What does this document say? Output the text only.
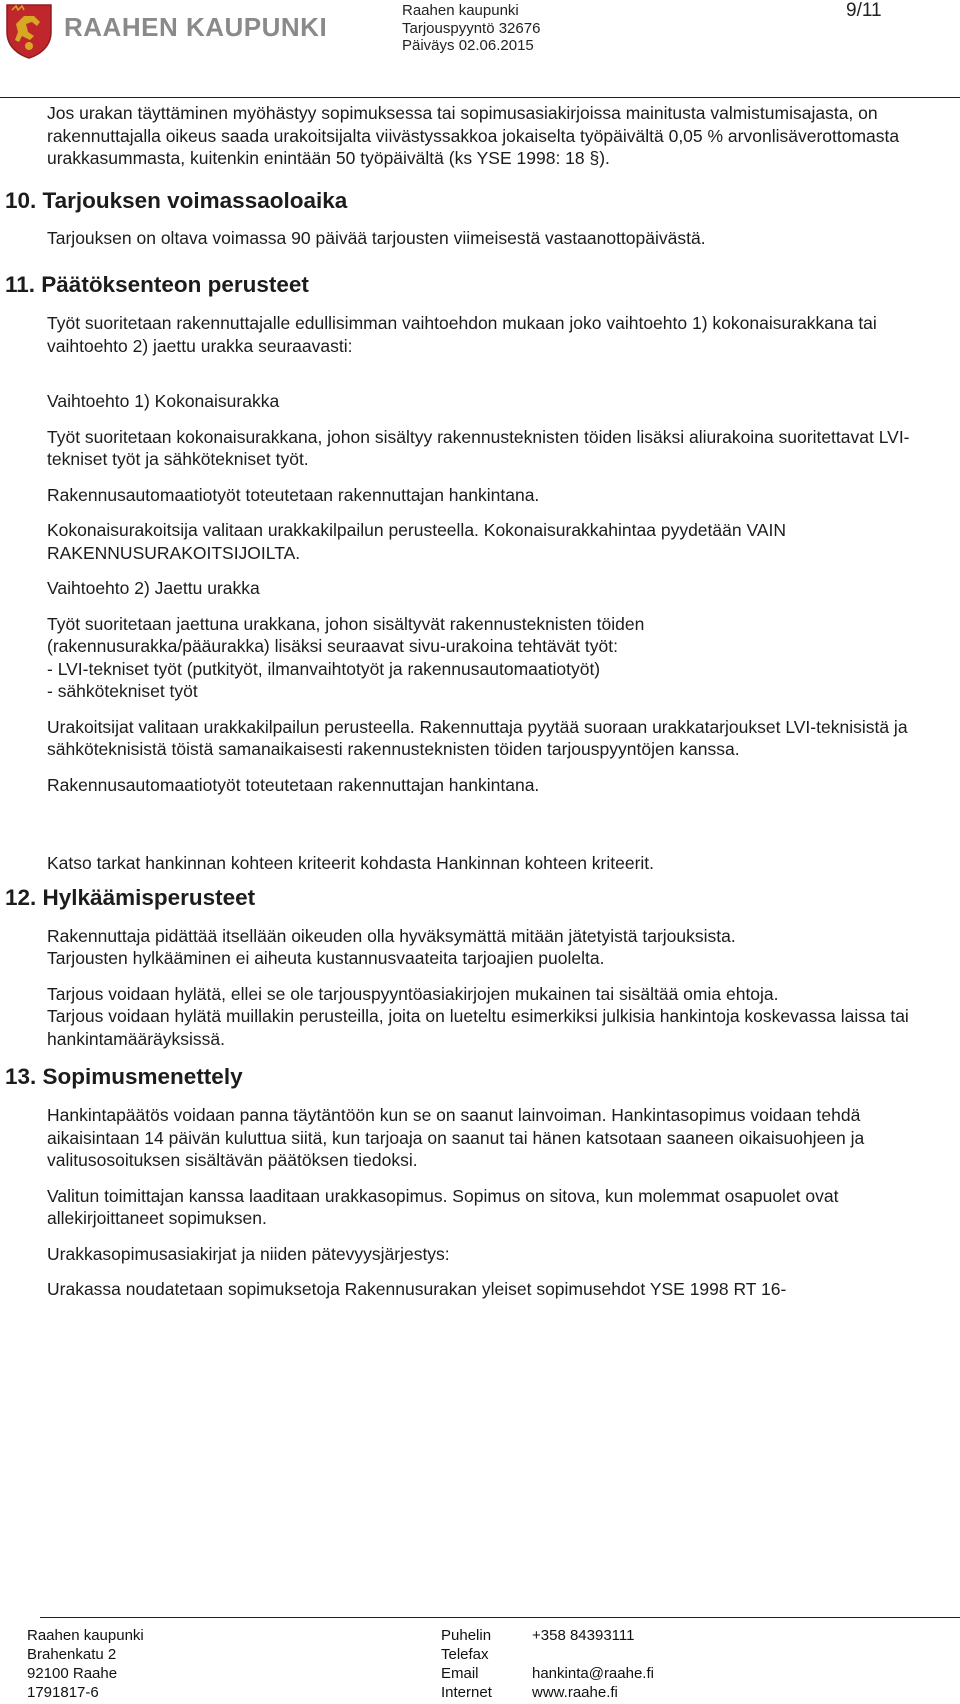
RAAHEN KAUPUNKI
Raahen kaupunki
Tarjouspyyntö 32676
Päiväys 02.06.2015
9/11

Jos urakan täyttäminen myöhästyy sopimuksessa tai sopimusasiakirjoissa mainitusta valmistumisajasta, on rakennuttajalla oikeus saada urakoitsijalta viivästyssakkoa jokaiselta työpäivältä 0,05 % arvonlisäverottomasta urakkasummasta, kuitenkin enintään 50 työpäivältä (ks YSE 1998: 18 §).

10. Tarjouksen voimassaoloaika

Tarjouksen on oltava voimassa 90 päivää tarjousten viimeisestä vastaanottopäivästä.

11. Päätöksenteon perusteet

Työt suoritetaan rakennuttajalle edullisimman vaihtoehdon mukaan joko vaihtoehto 1) kokonaisurakkana tai vaihtoehto 2) jaettu urakka seuraavasti:

Vaihtoehto 1) Kokonaisurakka

Työt suoritetaan kokonaisurakkana, johon sisältyy rakennusteknisten töiden lisäksi aliurakoina suoritettavat LVI-tekniset työt ja sähkötekniset työt.

Rakennusautomaatiotyöt toteutetaan rakennuttajan hankintana.

Kokonaisurakoitsija valitaan urakkakilpailun perusteella. Kokonaisurakkahintaa pyydetään VAIN RAKENNUSURAKOITSIJOILTA.

Vaihtoehto 2) Jaettu urakka

Työt suoritetaan jaettuna urakkana, johon sisältyvät rakennusteknisten töiden

(rakennusurakka/pääurakka) lisäksi seuraavat sivu-urakoina tehtävät työt:

- LVI-tekniset työt (putkityöt, ilmanvaihtotyöt ja rakennusautomaatiotyöt)

- sähkötekniset työt

Urakoitsijat valitaan urakkakilpailun perusteella. Rakennuttaja pyytää suoraan urakkatarjoukset LVI-teknisistä ja sähköteknisistä töistä samanaikaisesti rakennusteknisten töiden tarjouspyyntöjen kanssa.

Rakennusautomaatiotyöt toteutetaan rakennuttajan hankintana.

Katso tarkat hankinnan kohteen kriteerit kohdasta Hankinnan kohteen kriteerit.

12. Hylkäämisperusteet

Rakennuttaja pidättää itsellään oikeuden olla hyväksymättä mitään jätetyistä tarjouksista.

Tarjousten hylkääminen ei aiheuta kustannusvaateita tarjoajien puolelta.

Tarjous voidaan hylätä, ellei se ole tarjouspyyntöasiakirjojen mukainen tai sisältää omia ehtoja.

Tarjous voidaan hylätä muillakin perusteilla, joita on lueteltu esimerkiksi julkisia hankintoja koskevassa laissa tai hankintamääräyksissä.

13. Sopimusmenettely

Hankintapäätös voidaan panna täytäntöön kun se on saanut lainvoiman. Hankintasopimus voidaan tehdä aikaisintaan 14 päivän kuluttua siitä, kun tarjoaja on saanut tai hänen katsotaan saaneen oikaisuohjeen ja valitusosoituksen sisältävän päätöksen tiedoksi.

Valitun toimittajan kanssa laaditaan urakkasopimus. Sopimus on sitova, kun molemmat osapuolet ovat allekirjoittaneet sopimuksen.

Urakkasopimusasiakirjat ja niiden pätevyysjärjestys:

Urakassa noudatetaan sopimuksetoja Rakennusurakan yleiset sopimusehdot YSE 1998 RT 16-

Raahen kaupunki
Brahenkatu 2
92100 Raahe
1791817-6
Puhelin
Telefax
Email
Internet
+358 84393111

hankinta@raahe.fi
www.raahe.fi
